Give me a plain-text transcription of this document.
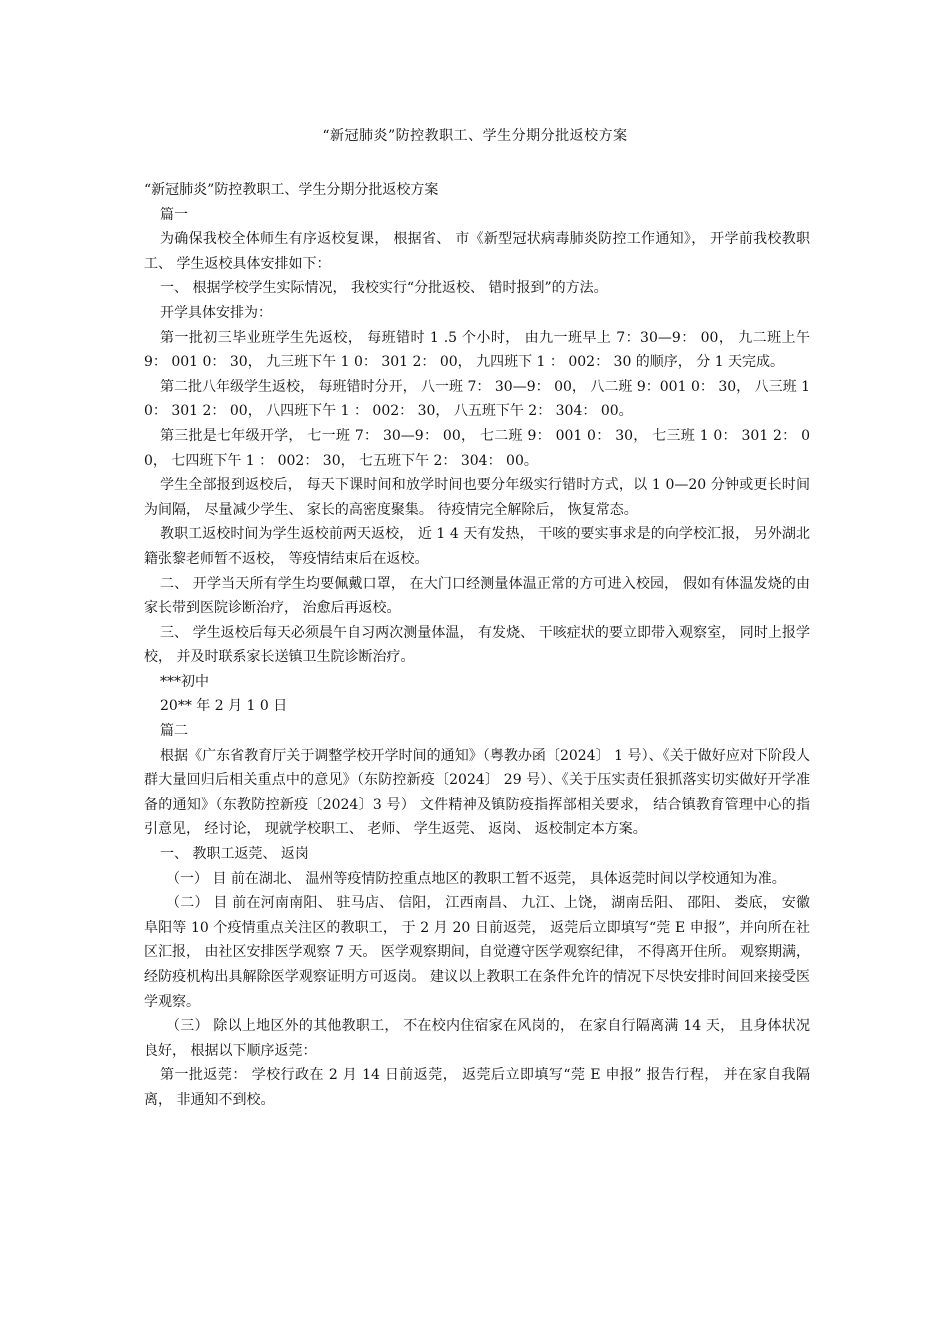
“新冠肺炎”防控教职工、学生分期分批返校方案

“新冠肺炎”防控教职工、学生分期分批返校方案

篇一

为确保我校全体师生有序返校复课， 根据省、 市《新型冠状病毒肺炎防控工作通知》， 开学前我校教职工、 学生返校具体安排如下：

一、 根据学校学生实际情况， 我校实行“分批返校、 错时报到”的方法。

开学具体安排为：

第一批初三毕业班学生先返校， 每班错时 1 .5 个小时， 由九一班早上 7：30—9： 00， 九二班上午 9： 001 0： 30， 九三班下午 1 0： 301 2： 00， 九四班下 1 ： 002： 30 的顺序， 分 1 天完成。

第二批八年级学生返校， 每班错时分开， 八一班 7： 30—9： 00， 八二班 9：001 0： 30， 八三班 1 0： 301 2： 00， 八四班下午 1 ： 002： 30， 八五班下午 2： 304： 00。

第三批是七年级开学， 七一班 7： 30—9： 00， 七二班 9： 001 0： 30， 七三班 1 0： 301 2： 00， 七四班下午 1 ： 002： 30， 七五班下午 2： 304： 00。

学生全部报到返校后， 每天下课时间和放学时间也要分年级实行错时方式，以 1 0—20 分钟或更长时间为间隔， 尽量减少学生、 家长的高密度聚集。 待疫情完全解除后， 恢复常态。

教职工返校时间为学生返校前两天返校， 近 1 4 天有发热， 干咳的要实事求是的向学校汇报， 另外湖北籍张黎老师暂不返校， 等疫情结束后在返校。

二、 开学当天所有学生均要佩戴口罩， 在大门口经测量体温正常的方可进入校园， 假如有体温发烧的由家长带到医院诊断治疗， 治愈后再返校。

三、 学生返校后每天必须晨午自习两次测量体温， 有发烧、 干咳症状的要立即带入观察室， 同时上报学校， 并及时联系家长送镇卫生院诊断治疗。

***初中

20** 年 2 月 1 0 日

篇二

根据《广东省教育厅关于调整学校开学时间的通知》（粤教办函〔2024〕 1 号）、《关于做好应对下阶段人群大量回归后相关重点中的意见》（东防控新疫〔2024〕 29 号）、《关于压实责任狠抓落实切实做好开学准备的通知》（东教防控新疫〔2024〕3 号） 文件精神及镇防疫指挥部相关要求， 结合镇教育管理中心的指引意见， 经讨论， 现就学校职工、 老师、 学生返莞、 返岗、 返校制定本方案。

一、 教职工返莞、 返岗

（一） 目 前在湖北、 温州等疫情防控重点地区的教职工暂不返莞， 具体返莞时间以学校通知为准。

（二） 目 前在河南南阳、 驻马店、 信阳， 江西南昌、 九江、上饶， 湖南岳阳、 邵阳、 娄底， 安徽阜阳等 10 个疫情重点关注区的教职工， 于 2 月 20 日前返莞， 返莞后立即填写“莞 E 申报”，并向所在社区汇报， 由社区安排医学观察 7 天。 医学观察期间，自觉遵守医学观察纪律， 不得离开住所。 观察期满， 经防疫机构出具解除医学观察证明方可返岗。 建议以上教职工在条件允许的情况下尽快安排时间回来接受医学观察。

（三） 除以上地区外的其他教职工， 不在校内住宿家在风岗的， 在家自行隔离满 14 天， 且身体状况良好， 根据以下顺序返莞：

第一批返莞： 学校行政在 2 月 14 日前返莞， 返莞后立即填写“莞 E 申报” 报告行程， 并在家自我隔离， 非通知不到校。
